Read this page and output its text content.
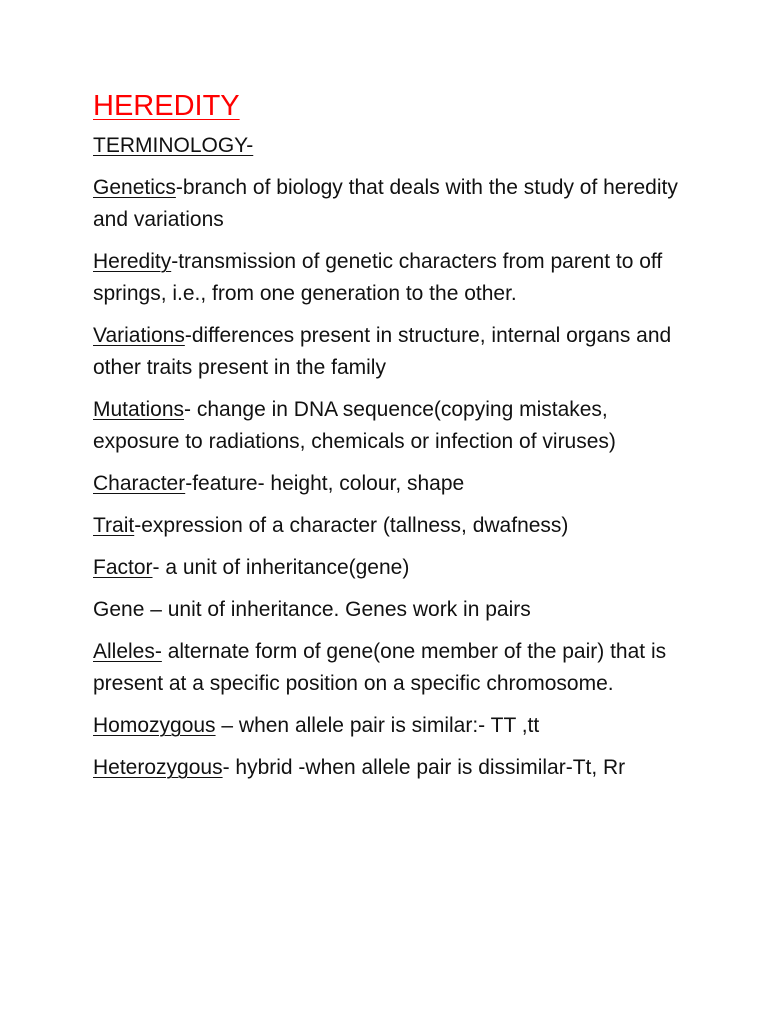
HEREDITY
TERMINOLOGY-

Genetics-branch of biology that deals with the study of heredity and variations

Heredity-transmission of genetic characters from parent to off springs, i.e., from one generation to the other.

Variations-differences present in structure, internal organs and other traits present in the family

Mutations- change in DNA sequence(copying mistakes, exposure to radiations, chemicals or infection of viruses)

Character-feature- height, colour, shape

Trait-expression of a character (tallness, dwafness)

Factor- a unit of inheritance(gene)

Gene – unit of inheritance. Genes work in pairs

Alleles- alternate form of gene(one member of the pair) that is present at a specific position on a specific chromosome.

Homozygous – when allele pair is similar:- TT ,tt

Heterozygous- hybrid -when allele pair is dissimilar-Tt, Rr
